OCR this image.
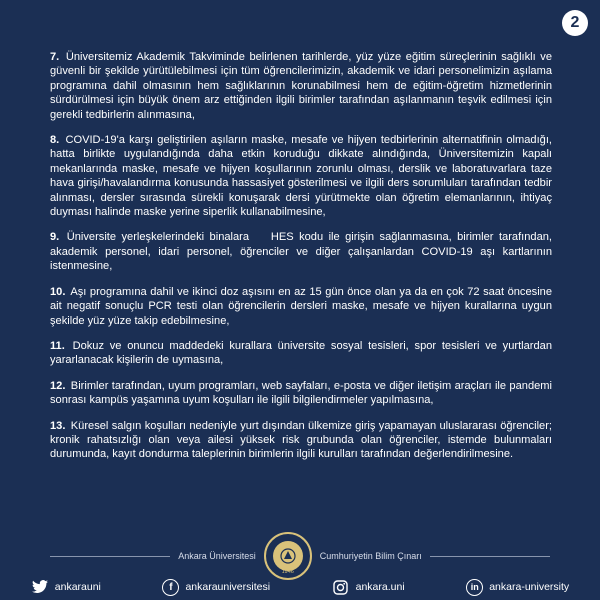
2

7. Üniversitemiz Akademik Takviminde belirlenen tarihlerde, yüz yüze eğitim süreçlerinin sağlıklı ve güvenli bir şekilde yürütülebilmesi için tüm öğrencilerimizin, akademik ve idari personelimizin aşılama programına dahil olmasının hem sağlıklarının korunabilmesi hem de eğitim-öğretim hizmetlerinin sürdürülmesi için büyük önem arz ettiğinden ilgili birimler tarafından aşılanmanın teşvik edilmesi için gerekli tedbirlerin alınmasına,

8. COVID-19'a karşı geliştirilen aşıların maske, mesafe ve hijyen tedbirlerinin alternatifinin olmadığı, hatta birlikte uygulandığında daha etkin koruduğu dikkate alındığında, Üniversitemizin kapalı mekanlarında maske, mesafe ve hijyen koşullarının zorunlu olması, derslik ve laboratuvarlara taze hava girişi/havalandırma konusunda hassasiyet gösterilmesi ve ilgili ders sorumluları tarafından tedbir alınması, dersler sırasında sürekli konuşarak dersi yürütmekte olan öğretim elemanlarının, ihtiyaç duyması halinde maske yerine siperlik kullanabilmesine,

9. Üniversite yerleşkelerindeki binalara    HES kodu ile girişin sağlanmasına, birimler tarafından, akademik personel, idari personel, öğrenciler ve diğer çalışanlardan COVID-19 aşı kartlarının istenmesine,

10. Aşı programına dahil ve ikinci doz aşısını en az 15 gün önce olan ya da en çok 72 saat öncesine ait negatif sonuçlu PCR testi olan öğrencilerin dersleri maske, mesafe ve hijyen kurallarına uygun şekilde yüz yüze takip edebilmesine,

11. Dokuz ve onuncu maddedeki kurallara üniversite sosyal tesisleri, spor tesisleri ve yurtlardan yararlanacak kişilerin de uymasına,

12. Birimler tarafından, uyum programları, web sayfaları, e-posta ve diğer iletişim araçları ile pandemi sonrası kampüs yaşamına uyum koşulları ile ilgili bilgilendirmeler yapılmasına,

13. Küresel salgın koşulları nedeniyle yurt dışından ülkemize giriş yapamayan uluslararası öğrenciler; kronik rahatsızlığı olan veya ailesi yüksek risk grubunda olan öğrenciler, istemde bulunmaları durumunda, kayıt dondurma taleplerinin birimlerin ilgili kurulları tarafından değerlendirilmesine.

Ankara Üniversitesi
1946
Cumhuriyetin Bilim Çınarı
ankarauni	f	ankarauniversitesi	ankara.uni	in	ankara-university
